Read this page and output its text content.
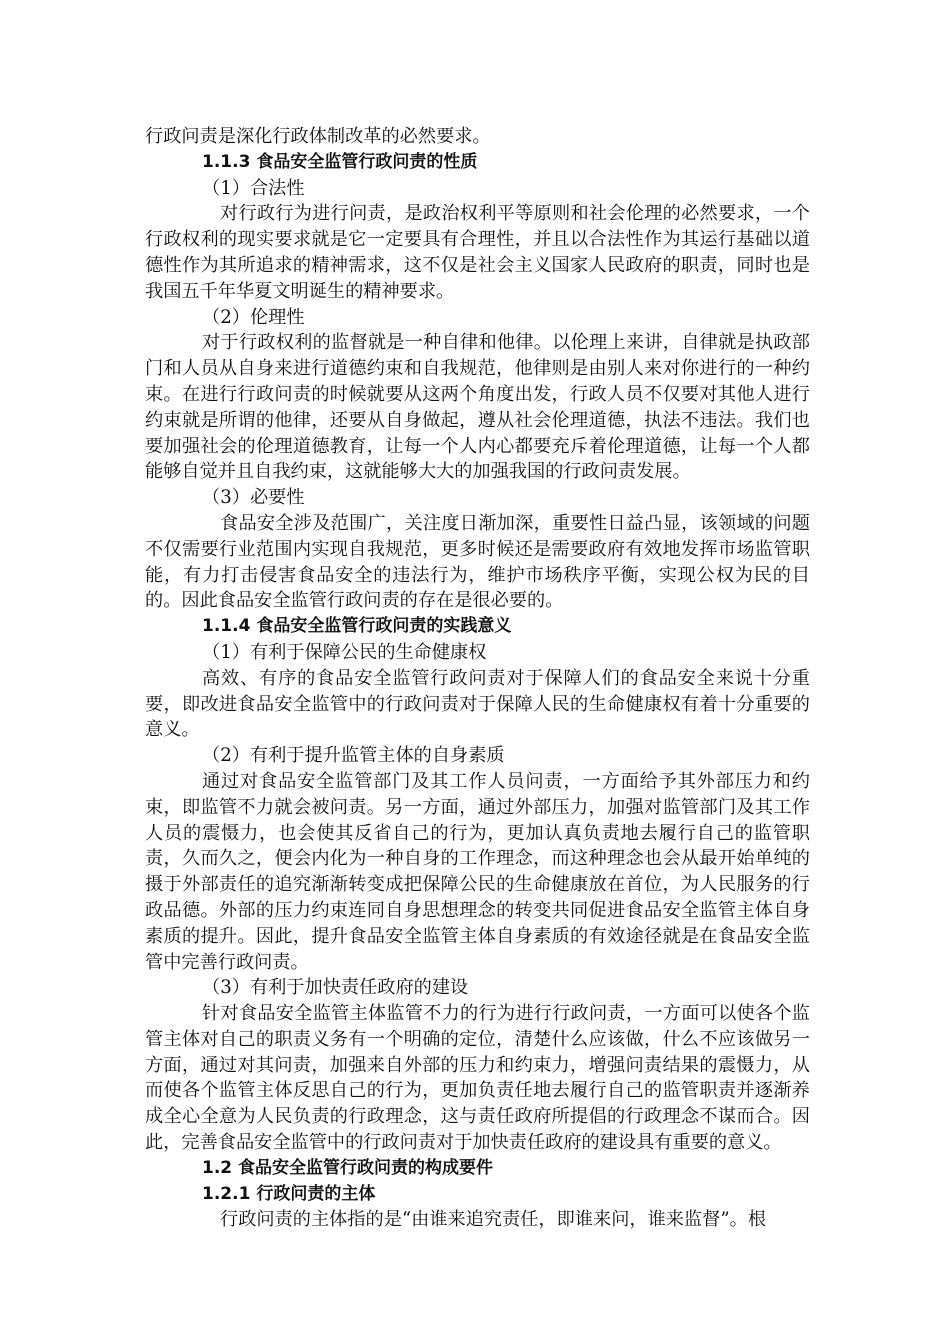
行政问责是深化行政体制改革的必然要求。
1.1.3 食品安全监管行政问责的性质
（1）合法性
对行政行为进行问责，是政治权利平等原则和社会伦理的必然要求，一个行政权利的现实要求就是它一定要具有合理性，并且以合法性作为其运行基础以道德性作为其所追求的精神需求，这不仅是社会主义国家人民政府的职责，同时也是我国五千年华夏文明诞生的精神要求。
（2）伦理性
对于行政权利的监督就是一种自律和他律。以伦理上来讲，自律就是执政部门和人员从自身来进行道德约束和自我规范，他律则是由别人来对你进行的一种约束。在进行行政问责的时候就要从这两个角度出发，行政人员不仅要对其他人进行约束就是所谓的他律，还要从自身做起，遵从社会伦理道德，执法不违法。我们也要加强社会的伦理道德教育，让每一个人内心都要充斥着伦理道德，让每一个人都能够自觉并且自我约束，这就能够大大的加强我国的行政问责发展。
（3）必要性
食品安全涉及范围广，关注度日渐加深，重要性日益凸显，该领域的问题不仅需要行业范围内实现自我规范，更多时候还是需要政府有效地发挥市场监管职能，有力打击侵害食品安全的违法行为，维护市场秩序平衡，实现公权为民的目的。因此食品安全监管行政问责的存在是很必要的。
1.1.4 食品安全监管行政问责的实践意义
（1）有利于保障公民的生命健康权
高效、有序的食品安全监管行政问责对于保障人们的食品安全来说十分重要，即改进食品安全监管中的行政问责对于保障人民的生命健康权有着十分重要的意义。
（2）有利于提升监管主体的自身素质
通过对食品安全监管部门及其工作人员问责，一方面给予其外部压力和约束，即监管不力就会被问责。另一方面，通过外部压力，加强对监管部门及其工作人员的震慑力，也会使其反省自己的行为，更加认真负责地去履行自己的监管职责，久而久之，便会内化为一种自身的工作理念，而这种理念也会从最开始单纯的摄于外部责任的追究渐渐转变成把保障公民的生命健康放在首位，为人民服务的行政品德。外部的压力约束连同自身思想理念的转变共同促进食品安全监管主体自身素质的提升。因此，提升食品安全监管主体自身素质的有效途径就是在食品安全监管中完善行政问责。
（3）有利于加快责任政府的建设
针对食品安全监管主体监管不力的行为进行行政问责，一方面可以使各个监管主体对自己的职责义务有一个明确的定位，清楚什么应该做，什么不应该做另一方面，通过对其问责，加强来自外部的压力和约束力，增强问责结果的震慑力，从而使各个监管主体反思自己的行为，更加负责任地去履行自己的监管职责并逐渐养成全心全意为人民负责的行政理念，这与责任政府所提倡的行政理念不谋而合。因此，完善食品安全监管中的行政问责对于加快责任政府的建设具有重要的意义。
1.2 食品安全监管行政问责的构成要件
1.2.1 行政问责的主体
行政问责的主体指的是“由谁来追究责任，即谁来问，谁来监督”。根
